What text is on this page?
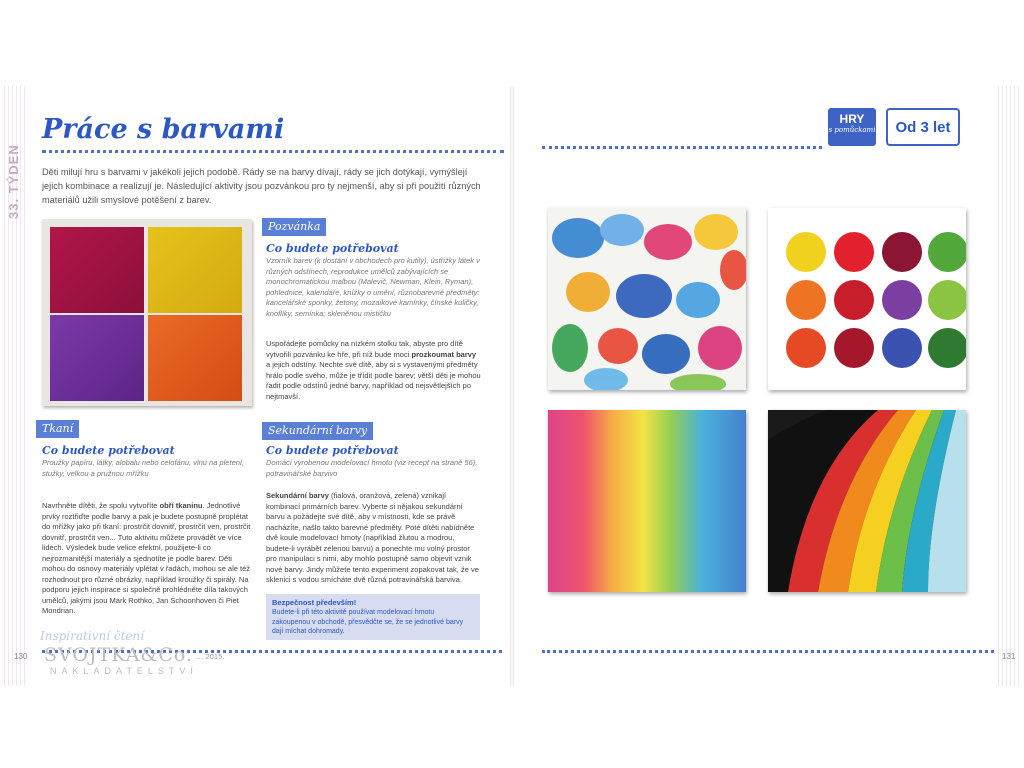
33. TÝDEN
Práce s barvami
Děti milují hru s barvami v jakékoli jejich podobě. Rády se na barvy dívají, rády se jich dotýkají, vymýšlejí jejich kombinace a realizují je. Následující aktivity jsou pozvánkou pro ty nejmenší, aby si při použití různých materiálů užili smyslové potěšení z barev.
Pozvánka
Co budete potřebovat
Vzorník barev (k dostání v obchodech pro kutily), ústřižky látek v různých odstínech, reprodukce umělců zabývajících se monochromatickou malbou (Malevič, Newman, Klein, Ryman), pohlednice, kalendáře, knížky o umění, různobarevné předměty: kancelářské sponky, žetony, mozaikové kamínky, čínské kuličky, knoflíky, semínka; skleněnou mističku
Uspořádejte pomůcky na nízkém stolku tak, abyste pro dítě vytvořili pozvánku ke hře, při níž bude moci prozkoumat barvy a jejich odstíny. Nechte své dítě, aby si s vystavenými předměty hrálo podle svého, může je třídit podle barev; větší děti je mohou řadit podle odstínů jedné barvy, například od nejsvětlejších po nejtmavší.
Tkaní
Co budete potřebovat
Proužky papíru, látky, alobalu nebo celofánu, vlnu na pletení, stužky, velkou a pružnou mřížku
Navrhněte dítěti, že spolu vytvoříte obří tkaninu. Jednotlivé prvky roztřiďte podle barvy a pak je budete postupně proplétat do mřížky jako při tkaní: prostrčit dovnitř, prostrčit ven, prostrčit dovnitř, prostrčit ven... Tuto aktivitu můžete provádět ve více lidech. Výsledek bude velice efektní, použijete-li co nejrozmanitější materiály a sjednotíte je podle barev. Děti mohou do osnovy materiály vplétat v řadách, mohou se ale též rozhodnout pro různé obrázky, například kroužky či spirály. Na podporu jejich inspirace si společně prohlédněte díla takových umělců, jakými jsou Mark Rothko, Jan Schoonhoven či Piet Mondrian.
Sekundární barvy
Co budete potřebovat
Domácí vyrobenou modelovací hmotu (viz recept na straně 56), potravinářské barvivo
Sekundární barvy (fialová, oranžová, zelená) vznikají kombinací primárních barev. Vyberte si nějakou sekundární barvu a požádejte své dítě, aby v místnosti, kde se právě nacházíte, našlo takto barevné předměty. Poté dítěti nabídněte dvě koule modelovací hmoty (například žlutou a modrou, budete-li vyrábět zelenou barvu) a ponechte mu volný prostor pro manipulaci s nimi, aby mohlo postupně samo objevit vznik nové barvy. Jindy můžete tento experiment zopakovat tak, že ve sklenici s vodou smícháte dvě různá potravinářská barviva.
Bezpečnost především!
Budete-li při této aktivitě používat modelovací hmotu zakoupenou v obchodě, přesvědčte se, že se jednotlivé barvy dají míchat dohromady.
Inspirativní čtení
… 2015.
130 SVOJTKA&Co.
NAKLADATELSTVÍ
HRY
s pomůckami	Od 3 let
131
